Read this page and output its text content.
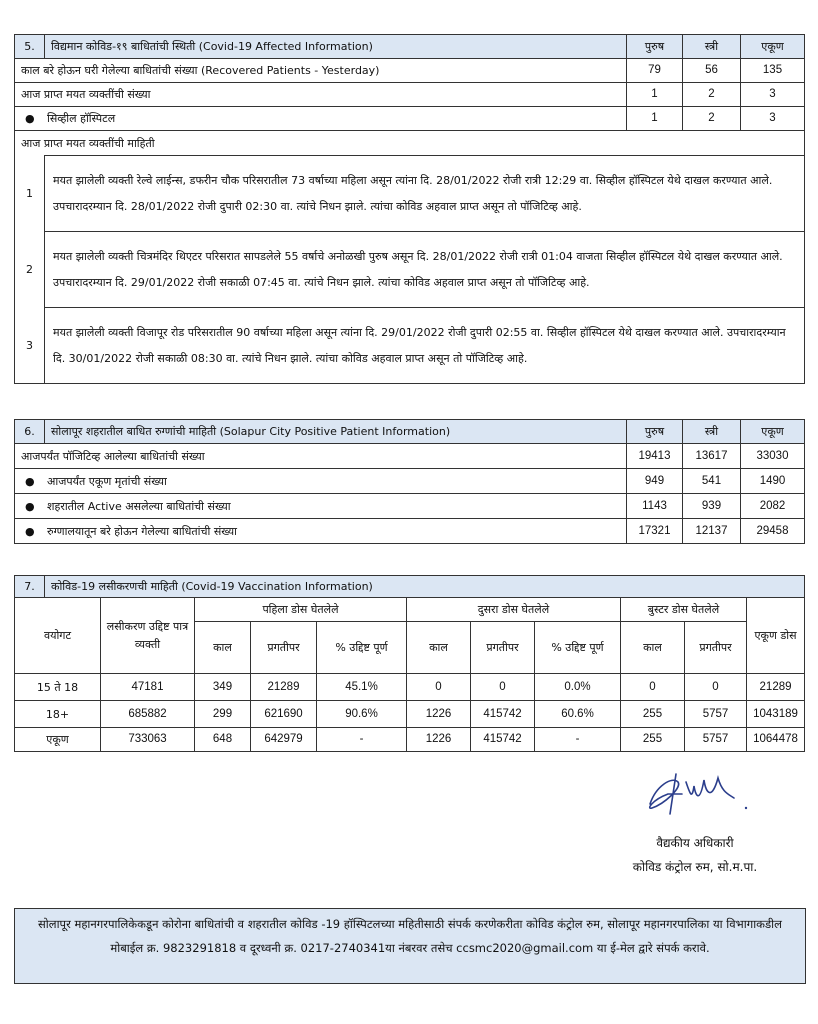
5.	विद्यमान कोविड-१९ बाधितांची स्थिती (Covid-19 Affected Information)	पुरुष	स्त्री	एकूण
काल बरे होऊन घरी गेलेल्या बाधितांची संख्या (Recovered Patients - Yesterday)		79	56	135
आज प्राप्त मयत व्यक्तींची संख्या		1	2	3
● सिव्हील हॉस्पिटल		1	2	3
आज प्राप्त मयत व्यक्तींची माहिती				
1	मयत झालेली व्यक्ती रेल्वे लाईन्स, डफरीन चौक परिसरातील 73 वर्षाच्या महिला असून त्यांना दि. 28/01/2022 रोजी रात्री 12:29 वा. सिव्हील हॉस्पिटल येथे दाखल करण्यात आले. उपचारादरम्यान दि. 28/01/2022 रोजी दुपारी 02:30 वा. त्यांचे निधन झाले. त्यांचा कोविड अहवाल प्राप्त असून तो पॉजिटिव्ह आहे.			
2	मयत झालेली व्यक्ती चित्रमंदिर थिएटर परिसरात सापडलेले 55 वर्षाचे अनोळखी पुरुष असून दि. 28/01/2022 रोजी रात्री 01:04 वाजता सिव्हील हॉस्पिटल येथे दाखल करण्यात आले. उपचारादरम्यान दि. 29/01/2022 रोजी सकाळी 07:45 वा. त्यांचे निधन झाले. त्यांचा कोविड अहवाल प्राप्त असून तो पॉजिटिव्ह आहे.			
3	मयत झालेली व्यक्ती विजापूर रोड परिसरातील 90 वर्षाच्या महिला असून त्यांना दि. 29/01/2022 रोजी दुपारी 02:55 वा. सिव्हील हॉस्पिटल येथे दाखल करण्यात आले. उपचारादरम्यान दि. 30/01/2022 रोजी सकाळी 08:30 वा. त्यांचे निधन झाले. त्यांचा कोविड अहवाल प्राप्त असून तो पॉजिटिव्ह आहे.			
6.	सोलापूर शहरातील बाधित रुग्णांची माहिती (Solapur City Positive Patient Information)	पुरुष	स्त्री	एकूण
आजपर्यंत पॉजिटिव्ह आलेल्या बाधितांची संख्या		19413	13617	33030
● आजपर्यंत एकूण मृतांची संख्या		949	541	1490
● शहरातील Active असलेल्या बाधितांची संख्या		1143	939	2082
● रुग्णालयातून बरे होऊन गेलेल्या बाधितांची संख्या		17321	12137	29458
7.	कोविड-19 लसीकरणची माहिती (Covid-19 Vaccination Information)										
वयोगट		लसीकरण उद्दिष्ट पात्र व्यक्ती	पहिला डोस घेतलेले			दुसरा डोस घेतलेले			बुस्टर डोस घेतलेले		एकूण डोस
			काल	प्रगतीपर	% उद्दिष्ट पूर्ण	काल	प्रगतीपर	% उद्दिष्ट पूर्ण	काल	प्रगतीपर	
15 ते 18		47181	349	21289	45.1%	0	0	0.0%	0	0	21289
18+		685882	299	621690	90.6%	1226	415742	60.6%	255	5757	1043189
एकूण		733063	648	642979	-	1226	415742	-	255	5757	1064478
वैद्यकीय अधिकारी
कोविड कंट्रोल रुम, सो.म.पा.
सोलापूर महानगरपालिकेकडून कोरोना बाधितांची व शहरातील कोविड -19 हॉस्पिटलच्या महितीसाठी संपर्क करणेकरीता कोविड कंट्रोल रुम, सोलापूर महानगरपालिका या विभागाकडील मोबाईल क्र. 9823291818 व दूरध्वनी क्र. 0217-2740341या नंबरवर तसेच ccsmc2020@gmail.com या ई-मेल द्वारे संपर्क करावे.
